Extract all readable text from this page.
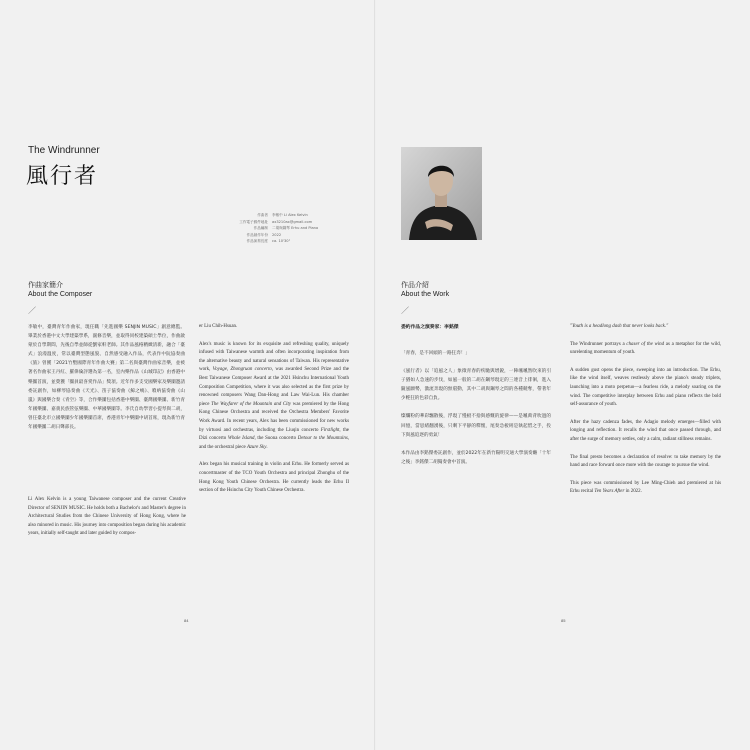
The Windrunner
風行者
作曲者	李敏中 Li Alex Kelvin
工作電子郵件地址	ax3210ax@gmail.com
作品編制	二胡與鋼琴 Erhu and Piano
作品創作年份	2022
作品演奏長度	ca. 10'30"
作曲家簡介
About the Composer
／
李敏中，臺灣青年作曲家，現任職「先進國樂 SENJIN MUSIC」創意總監。畢業於香港中文大學建築學系，副修音樂，並取得同校建築碩士學位，作曲啟蒙於自學期間，先後自學並師從劉家軒老師。其作品風格精緻清新，融合「臺式」浪漫溫度，常以臺灣型態風貌、自然感受融入作品，代表作中阮協奏曲《旅》曾獲「2021竹塹國際青年作曲大賽」第二名與臺灣作曲家音樂，並被著名作曲家王丹紅、羅偉倫評選為第一名，室內樂作品《山城印記》由香港中樂團首演，並榮獲「團員最喜愛作品」獎項。近年作多支受國樂家及樂團邀請委託創作，如柳琴協奏曲《天光》、笛子協奏曲《鯨之嶋》、嗩吶協奏曲《山嵐》與國樂合奏《青空》等，合作樂團包括香港中樂團、臺灣國樂團、新竹青年國樂團、嘉義民族管弦樂團、中華國樂團等。李氏自幼學習小提琴與二胡，曾任臺北市立國樂團少年國樂團首席，香港青年中樂團中胡首席，現為新竹青年國樂團二胡日聲部長。

Li Alex Kelvin is a young Taiwanese composer and the current Creative Director of SENJIN MUSIC. He holds both a Bachelor's and Master's degree in Architectural Studies from the Chinese University of Hong Kong, where he also minored in music. His journey into composition began during his academic years, initially self-taught and later guided by compos-

er Liu Chih-Hsuan.

Alex's music is known for its exquisite and refreshing quality, uniquely infused with Taiwanese warmth and often incorporating inspiration from the alternative beauty and natural sensations of Taiwan. His representative work, Voyage, Zhongruan concerto, was awarded Second Prize and the Best Taiwanese Composer Award at the 2021 Hsinchu International Youth Composition Competition, where it was also selected as the first prize by renowned composers Wang Dan-Hong and Law Wai-Lun. His chamber piece The Wayfarer of the Mountain and City was premiered by the Hong Kong Chinese Orchestra and received the Orchestra Members' Favorite Work Award. In recent years, Alex has been commissioned for new works by virtuosi and orchestras, including the Liuqin concerto Firstlight, the Dizi concerto Whale Island, the Suona concerto Detour to the Mountains, and the orchestral piece Azure Sky.

Alex began his musical training in violin and Erhu. He formerly served as concertmaster of the TCO Youth Orchestra and principal Zhonghu of the Hong Kong Youth Chinese Orchestra. He currently leads the Erhu II section of the Hsinchu City Youth Chinese Orchestra.

84
作品介紹
About the Work
／
委約作品之演奏家：李銘傑

「青春，是不回頭的一路狂奔！」

《風行者》以「追風之人」象徵青春的疾馳與增銳，一陣颯颯然吹來的引子猶如人急速的步伐，如風一般的二胡在鋼琴現定的三連音上徘徊，進入隨風願勢，激流奔現的無窮動，其中二胡與鋼琴之間的各種競奪，帶著年少輕狂的色彩自負。

燦爛粉的華彩飄散後，浮現了慢板不捨與感慨的旋律——是颯萬背吹過的回憶，當思緒翻湧後，只剩下平靜的釋懷，尾奏急板則是執起惜之手，投下與風追逐的勇氣！

本作品由李銘傑委託創作，並於2022年在新竹陽明交通大學演奏廳「十年之後」李銘傑二胡獨奏會中首演。

"Youth is a headlong dash that never looks back."

The Windrunner portrays a chaser of the wind as a metaphor for the wild, unrelenting momentum of youth.

A sudden gust opens the piece, sweeping into an introduction. The Erhu, like the wind itself, weaves restlessly above the piano's steady triplets, launching into a moto perpetuo—a fearless ride, a melody soaring on the wind. The competitive interplay between Erhu and piano reflects the bold self-assurance of youth.

After the hazy cadenza fades, the Adagio melody emerges—filled with longing and reflection. It recalls the wind that once passed through, and after the surge of memory settles, only a calm, radiant stillness remains.

The final presto becomes a declaration of resolve: to take memory by the hand and race forward once more with the courage to pursue the wind.

This piece was commissioned by Lee Ming-Chieh and premiered at his Erhu recital Ten Years After in 2022.

85
